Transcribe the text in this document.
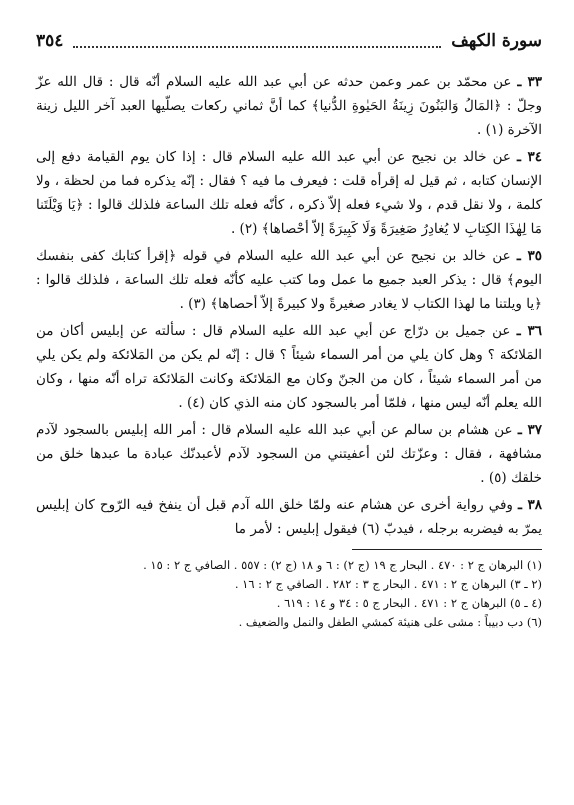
سورة الكهف
٣٥٤

٣٣ ـ عن محمّد بن عمر وعمن حدثه عن أبي عبد الله عليه السلام أنّه قال : قال الله عزّ وجلّ : ﴿المَالُ وَالبَنُونَ زِينَةُ الحَيٰوةِ الدُّنيا﴾ كما أنَّ ثماني ركعات يصلّيها العبد آخر الليل زينة الآخرة (١) .

٣٤ ـ عن خالد بن نجيح عن أبي عبد الله عليه السلام قال : إذا كان يوم القيامة دفع إلى الإنسان كتابه ، ثم قيل له إقرأه قلت : فيعرف ما فيه ؟ فقال : إنّه يذكره فما من لحظة ، ولا كلمة ، ولا نقل قدم ، ولا شيء فعله إلاّ ذكره ، كأنّه فعله تلك الساعة فلذلك قالوا : ﴿يَا وَيْلَتَنا مَا لِهٰذَا الكِتابِ لا يُغادِرُ صَغِيرَةً وَلَا كَبِيرَةً إلاّ أحْصاها﴾ (٢) .

٣٥ ـ عن خالد بن نجيح عن أبي عبد الله عليه السلام في قوله ﴿إقرأ كتابك كفى بنفسك اليوم﴾ قال : يذكر العبد جميع ما عمل وما كتب عليه كأنّه فعله تلك الساعة ، فلذلك قالوا : ﴿يا ويلتنا ما لهذا الكتاب لا يغادر صغيرةً ولا كبيرةً إلاّ أحصاها﴾ (٣) .

٣٦ ـ عن جميل بن درّاج عن أبي عبد الله عليه السلام قال : سألته عن إبليس أكان من المَلائكة ؟ وهل كان يلي من أمر السماء شيئاً ؟ قال : إنّه لم يكن من المَلائكة ولم يكن يلي من أمر السماء شيئاً ، كان من الجنّ وكان مع المَلائكة وكانت المَلائكة تراه أنّه منها ، وكان الله يعلم أنّه ليس منها ، فلمّا أمر بالسجود كان منه الذي كان (٤) .

٣٧ ـ عن هشام بن سالم عن أبي عبد الله عليه السلام قال : أمر الله إبليس بالسجود لآدم مشافهة ، فقال : وعزّتك لئن أعفيتني من السجود لآدم لأعبدنّك عبادة ما عبدها خلق من خلقك (٥) .

٣٨ ـ وفي رواية أخرى عن هشام عنه ولمّا خلق الله آدم قبل أن ينفخ فيه الرّوح كان إبليس يمرّ به فيضربه برجله ، فيدبّ (٦) فيقول إبليس : لأمر ما

(١) البرهان ج ٢ : ٤٧٠ . البحار ج ١٩ (ج ٢) : ٦ و ١٨ (ج ٢) : ٥٥٧ . الصافي ج ٢ : ١٥ .

(٢ ـ ٣) البرهان ج ٢ : ٤٧١ . البحار ج ٣ : ٢٨٢ . الصافي ج ٢ : ١٦ .

(٤ ـ ٥) البرهان ج ٢ : ٤٧١ . البحار ج ٥ : ٣٤ و ١٤ : ٦١٩ .

(٦) دب دبيباً : مشى على هنيئة كمشي الطفل والنمل والضعيف .
